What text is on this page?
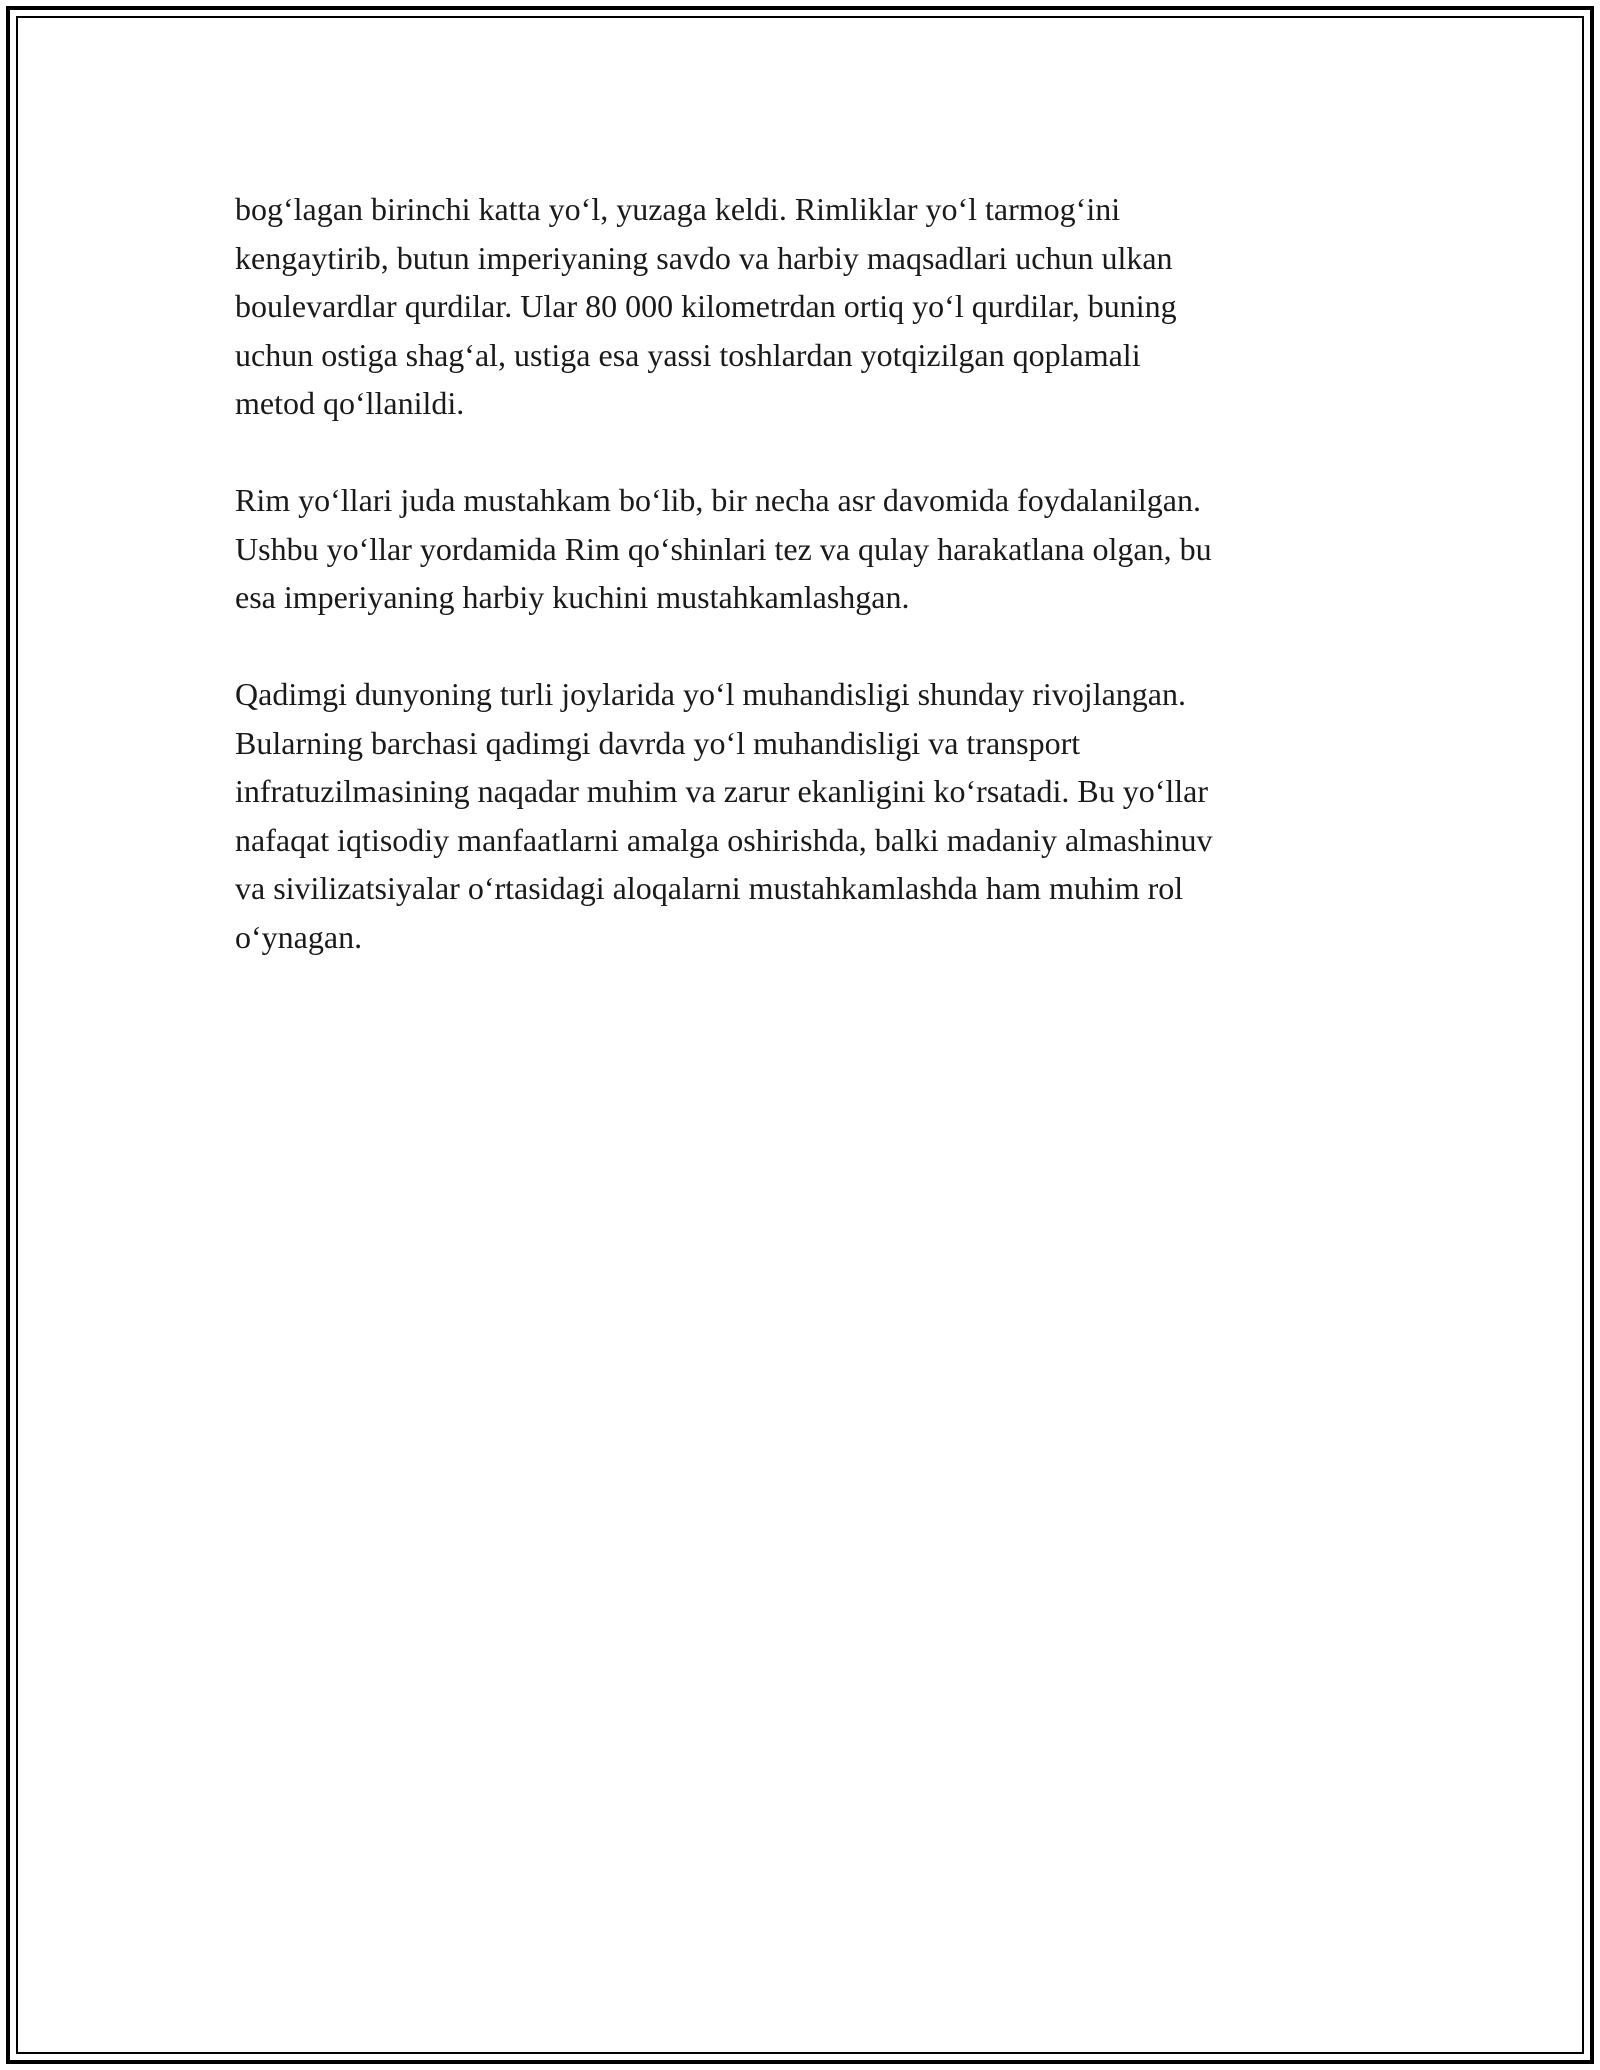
bog‘lagan birinchi katta yo‘l, yuzaga keldi. Rimliklar yo‘l tarmog‘ini
kengaytirib, butun imperiyaning savdo va harbiy maqsadlari uchun ulkan
boulevardlar qurdilar. Ular 80 000 kilometrdan ortiq yo‘l qurdilar, buning
uchun ostiga shag‘al, ustiga esa yassi toshlardan yotqizilgan qoplamali
metod qo‘llanildi.

Rim yo‘llari juda mustahkam bo‘lib, bir necha asr davomida foydalanilgan.
Ushbu yo‘llar yordamida Rim qo‘shinlari tez va qulay harakatlana olgan, bu
esa imperiyaning harbiy kuchini mustahkamlashgan.

Qadimgi dunyoning turli joylarida yo‘l muhandisligi shunday rivojlangan.
Bularning barchasi qadimgi davrda yo‘l muhandisligi va transport
infratuzilmasining naqadar muhim va zarur ekanligini ko‘rsatadi. Bu yo‘llar
nafaqat iqtisodiy manfaatlarni amalga oshirishda, balki madaniy almashinuv
va sivilizatsiyalar o‘rtasidagi aloqalarni mustahkamlashda ham muhim rol
o‘ynagan.
